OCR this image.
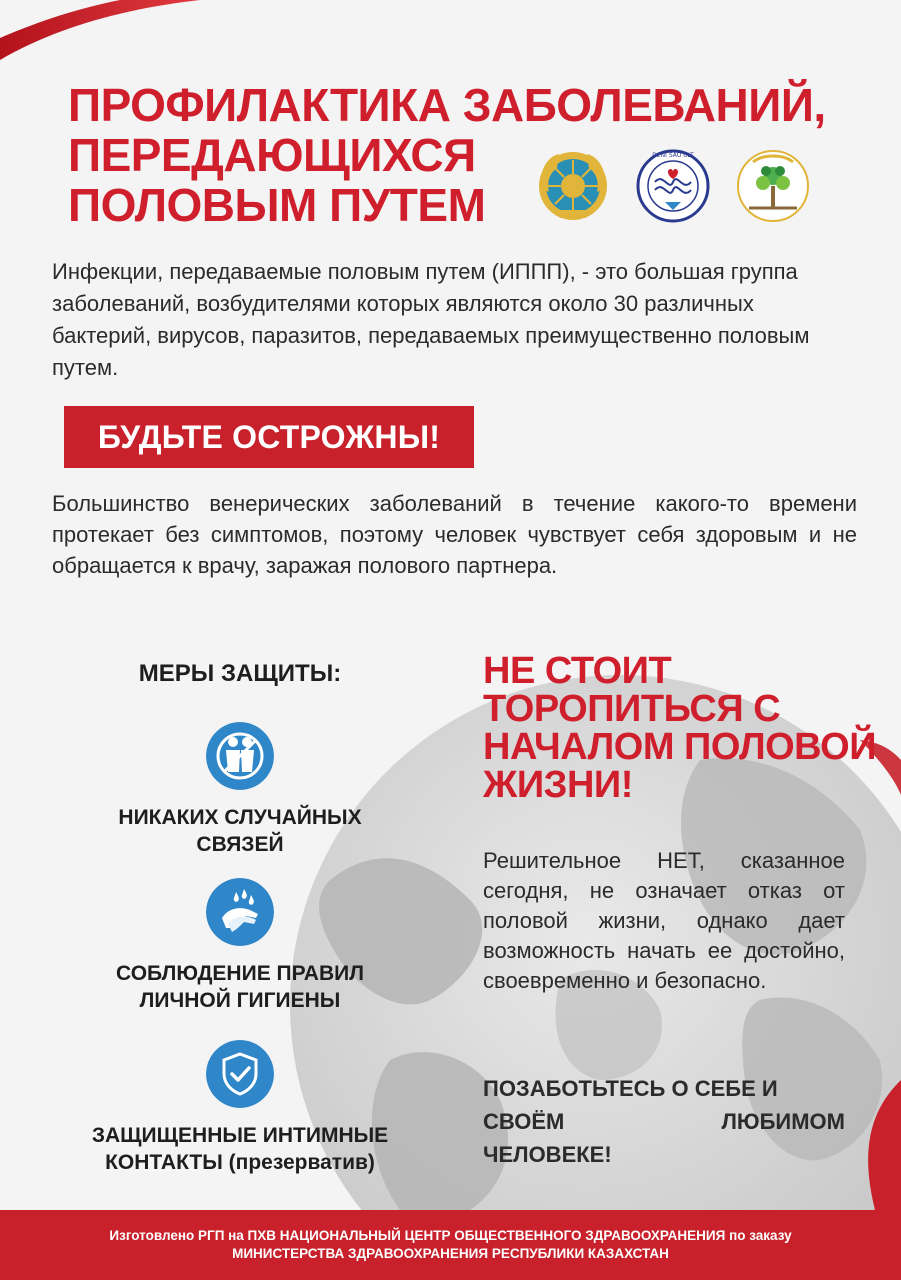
ПРОФИЛАКТИКА ЗАБОЛЕВАНИЙ,
ПЕРЕДАЮЩИХСЯ
ПОЛОВЫМ ПУТЕМ
DENI SAU ULT

Инфекции, передаваемые половым путем (ИППП), - это большая группа заболеваний, возбудителями которых являются около 30 различных бактерий, вирусов, паразитов, передаваемых преимущественно половым путем.

БУДЬТЕ ОСТРОЖНЫ!

Большинство венерических заболеваний в течение какого-то времени протекает без симптомов, поэтому человек чувствует себя здоровым и не обращается к врачу, заражая полового партнера.

МЕРЫ ЗАЩИТЫ:
НИКАКИХ СЛУЧАЙНЫХ
СВЯЗЕЙ
СОБЛЮДЕНИЕ ПРАВИЛ
ЛИЧНОЙ ГИГИЕНЫ
ЗАЩИЩЕННЫЕ ИНТИМНЫЕ
КОНТАКТЫ (презерватив)
НЕ СТОИТ
ТОРОПИТЬСЯ С
НАЧАЛОМ ПОЛОВОЙ
ЖИЗНИ!

Решительное НЕТ, сказанное сегодня, не означает отказ от половой жизни, однако дает возможность начать ее достойно, своевременно и безопасно.

ПОЗАБОТЬТЕСЬ О СЕБЕ И
СВОЁМ ЛЮБИМОМ
ЧЕЛОВЕКЕ!
Изготовлено РГП на ПХВ НАЦИОНАЛЬНЫЙ ЦЕНТР ОБЩЕСТВЕННОГО ЗДРАВООХРАНЕНИЯ по заказу
МИНИСТЕРСТВА ЗДРАВООХРАНЕНИЯ РЕСПУБЛИКИ КАЗАХСТАН
